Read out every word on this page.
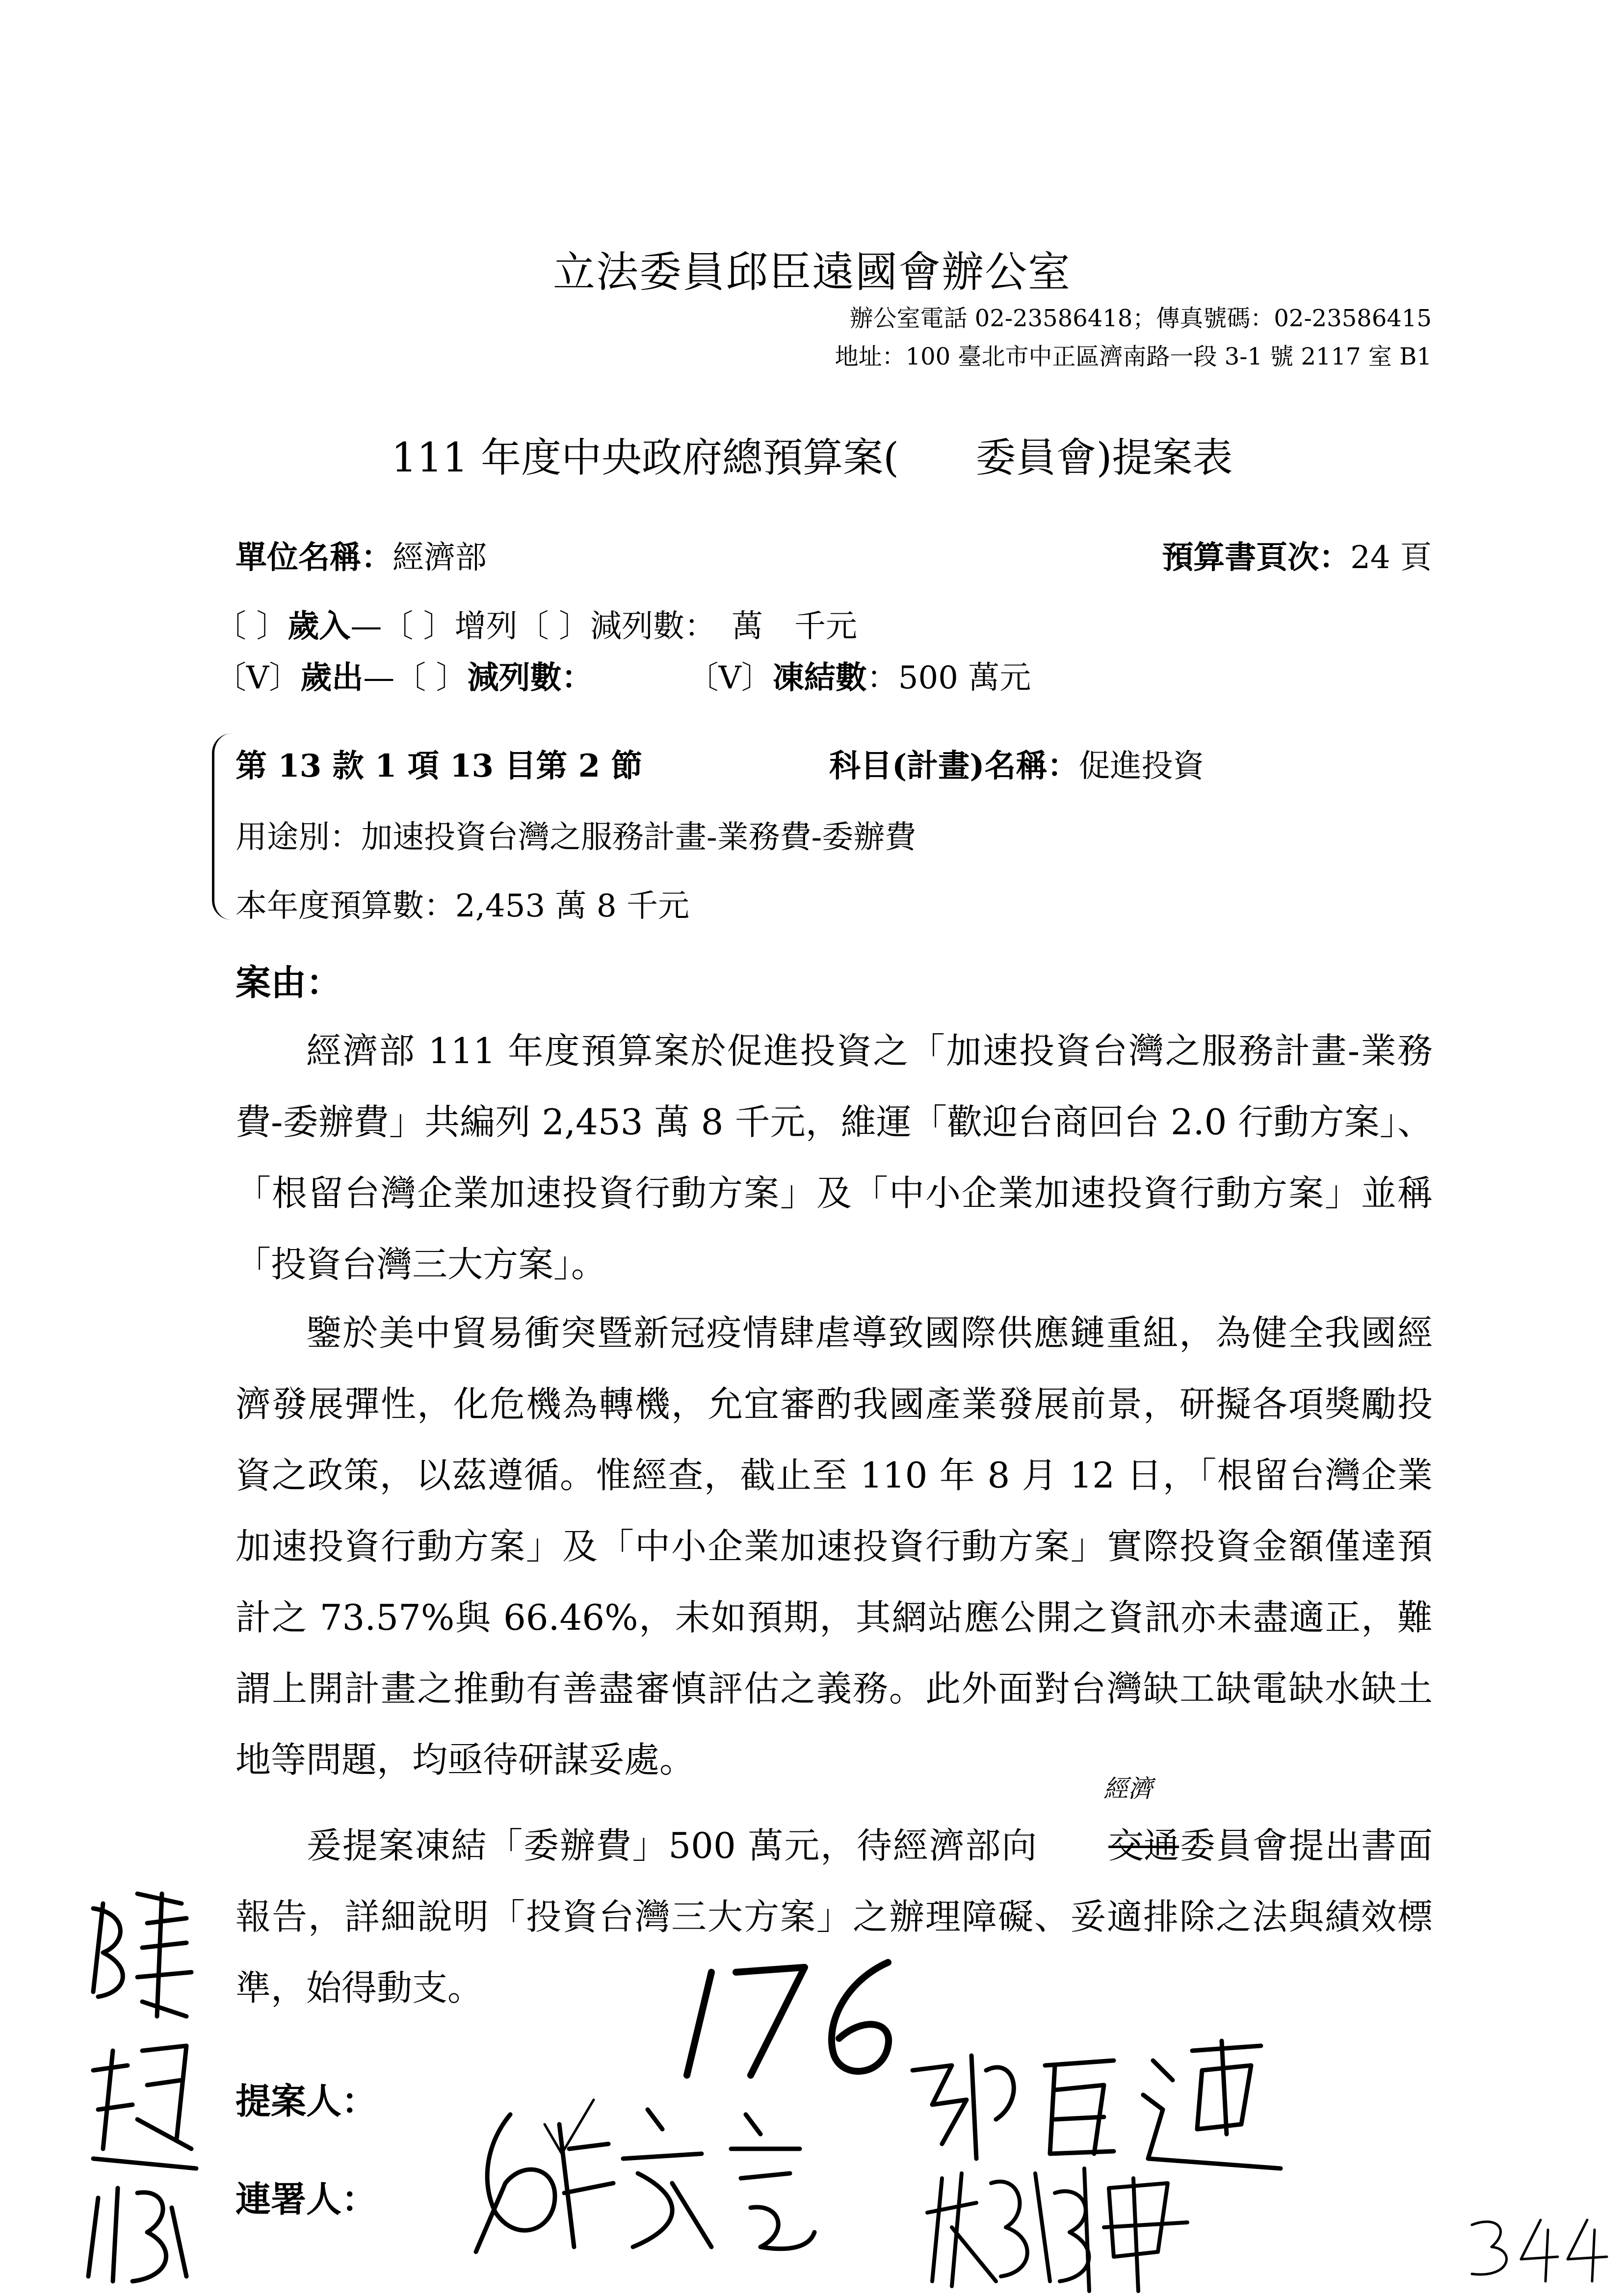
立法委員邱臣遠國會辦公室
辦公室電話 02-23586418；傳真號碼：02-23586415
地址：100 臺北市中正區濟南路一段 3-1 號 2117 室 B1
111 年度中央政府總預算案(      委員會)提案表
單位名稱：經濟部	預算書頁次：24 頁
〔 〕歲入—〔 〕增列〔 〕減列數：　萬　千元
〔V〕歲出—〔 〕減列數：　　　　〔V〕凍結數：500 萬元
第 13 款 1 項 13 目第 2 節	科目(計畫)名稱：促進投資
用途別：加速投資台灣之服務計畫-業務費-委辦費
本年度預算數：2,453 萬 8 千元
案由：
經濟部 111 年度預算案於促進投資之「加速投資台灣之服務計畫-業務費-委辦費」共編列 2,453 萬 8 千元，維運「歡迎台商回台 2.0 行動方案」、「根留台灣企業加速投資行動方案」及「中小企業加速投資行動方案」並稱「投資台灣三大方案」。
鑒於美中貿易衝突暨新冠疫情肆虐導致國際供應鏈重組，為健全我國經濟發展彈性，化危機為轉機，允宜審酌我國產業發展前景，研擬各項獎勵投資之政策，以茲遵循。惟經查，截止至 110 年 8 月 12 日，「根留台灣企業加速投資行動方案」及「中小企業加速投資行動方案」實際投資金額僅達預計之 73.57%與 66.46%，未如預期，其網站應公開之資訊亦未盡適正，難謂上開計畫之推動有善盡審慎評估之義務。此外面對台灣缺工缺電缺水缺土地等問題，均亟待研謀妥處。
爰提案凍結「委辦費」500 萬元，待經濟部向 交通
經濟
委員會提出書面報告，詳細說明「投資台灣三大方案」之辦理障礙、妥適排除之法與績效標準，始得動支。
提案人：
連署人：
